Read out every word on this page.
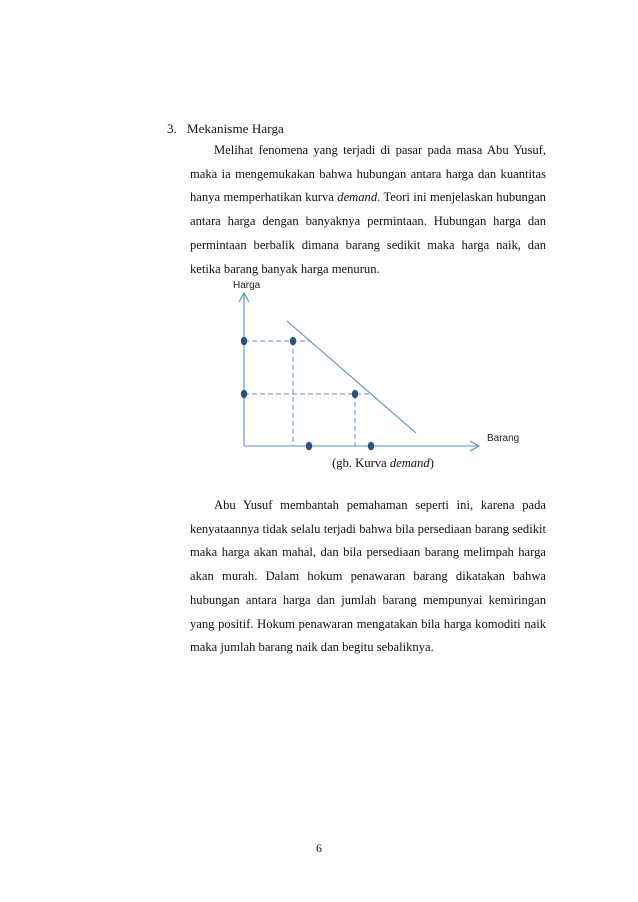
3. Mekanisme Harga

Melihat fenomena yang terjadi di pasar pada masa Abu Yusuf, maka ia mengemukakan bahwa hubungan antara harga dan kuantitas hanya memperhatikan kurva demand. Teori ini menjelaskan hubungan antara harga dengan banyaknya permintaan. Hubungan harga dan permintaan berbalik dimana barang sedikit maka harga naik, dan ketika barang banyak harga menurun.

Harga
Barang
(gb. Kurva demand)

Abu Yusuf membantah pemahaman seperti ini, karena pada kenyataannya tidak selalu terjadi bahwa bila persediaan barang sedikit maka harga akan mahal, dan bila persediaan barang melimpah harga akan murah. Dalam hokum penawaran barang dikatakan bahwa hubungan antara harga dan jumlah barang mempunyai kemiringan yang positif. Hokum penawaran mengatakan bila harga komoditi naik maka jumlah barang naik dan begitu sebaliknya.

6
